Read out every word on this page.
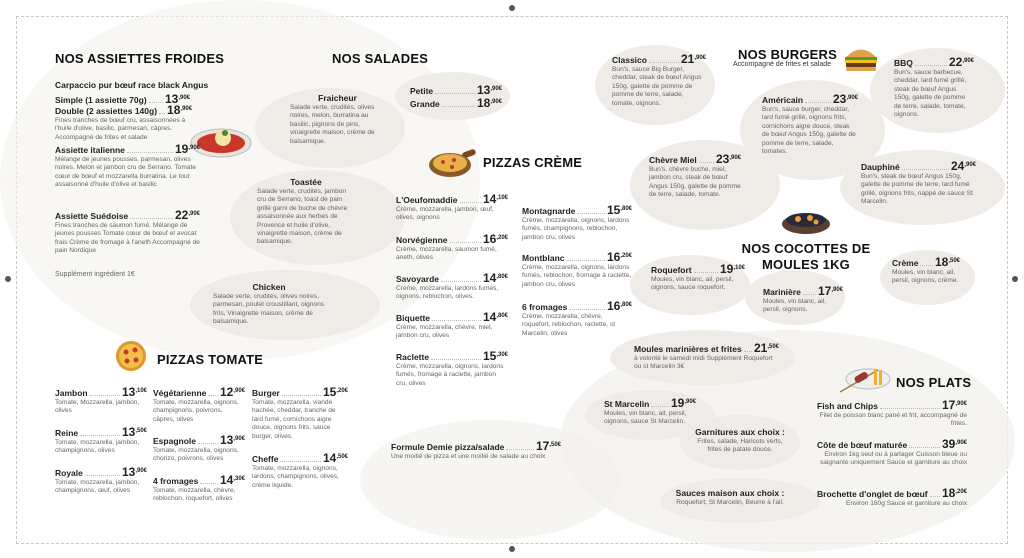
NOS ASSIETTES FROIDES
Carpaccio pur bœuf race black Angus
Supplément ingrédient 1€
NOS SALADES
PIZZAS TOMATE
PIZZAS CRÈME
NOS BURGERS
Accompagné de frites et salade
NOS COCOTTES DE
MOULES 1KG
NOS PLATS
Garnitures aux choix :
Frites, salade, Haricots verts, frites de patate douce.
Sauces maison aux choix :
Roquefort, St Marcelin, Beurre à l'ail.
Simple (1 assiette 70g) $13^{,90€}$
Double (2 assiettes 140g) $18^{,90€}$
Fines tranches de bœuf cru, assaisonnées à l'huile d'olive, basilic, parmesan, câpres. Accompagné de frites et salade
Assiette italienne	$19^{,90€}$
Mélange de jeunes pousses, parmesan, olives noires. Melon et jambon cru de Serrano. Tomate cœur de bœuf et mozzarella burratina. Le tout assaisonné d'huile d'olive et basilic
Assiette Suédoise	$22^{,90€}$
Fines tranches de saumon fumé. Mélange de jeunes pousses Tomate cœur de bœuf et avocat frais Crème de fromage à l'aneth Accompagné de pain Nordique
Petite	$13^{,90€}$
Grande	$18^{,90€}$
Jambon	$13^{,10€}$
Tomate, Mozzarella, jambon, olives
Reine	$13^{,50€}$
Tomate, mozzarella, jambon, champignons, olives
Royale	$13^{,90€}$
Tomate, mozzarella, jambon, champignons, œuf, olives
Végétarienne $12^{,90€}$
Tomate, mozzarella, oignons, champignons, poivrons, câpres, olives
Espagnole $13^{,90€}$
Tomate, mozzarella, oignons, chorizo, poivrons, olives
4 fromages $14^{,30€}$
Tomate, mozzarella, chèvre, reblochon, roquefort, olives
Burger	$15^{,20€}$
Tomate, mozzarella, viande hachée, cheddar, tranche de lard fumé, cornichons aigre douce, oignons frits, sauce burger, olives.
Cheffe	$14^{,50€}$
Tomate, mozzarella, oignons, lardons, champignons, olives, crème liquide.
L'Oeufomaddie $14^{,10€}$
Crème, mozzarella, jambon, œuf, olives, oignons
Norvégienne	$16^{,20€}$
Crème, mozzarella, saumon fumé, aneth, olives
Savoyarde	$14^{,80€}$
Crème, mozzarella, lardons fumés, oignons, reblochon, olives.
Biquette	$14^{,80€}$
Crème, mozzarella, chèvre, miel, jambon cru, olives
Raclette	$15^{,30€}$
Crème, mozzarella, oignons, lardons fumés, fromage à raclette, jambon cru, olives
Montagnarde	$15^{,80€}$
Crème, mozzarella, oignons, lardons fumés, champignons, reblochon, jambon cru, olives
Montblanc	$16^{,20€}$
Crème, mozzarella, oignons, lardons fumés, reblochon, fromage à raclette, jambon cru, olives
6 fromages	$16^{,80€}$
Crème, mozzarella, chèvre, roquefort, reblochon, raclette, st Marcelin, olives
Formule Demie pizza/salade	$17^{,50€}$
Une moitié de pizza et une moitié de salade au choix
Classico	$21^{,90€}$
Bun's, sauce Big Burger, cheddar, steak de bœuf Angus 150g, galette de pomme de pomme de terre, salade, tomate, oignons.
Chèvre Miel $23^{,90€}$
Bun's, chèvre buche, miel, jambon cru, steak de bœuf Angus 150g, galette de pomme de terre, salade, tomate.
Américain $23^{,90€}$
Bun's, sauce burger, cheddar, lard fumé grillé, oignons frits, cornichons aigre douce, steak de bœuf Angus 150g, galette de pomme de terre, salade, tomates.
BBQ	$22^{,90€}$
Bun's, sauce barbecue, cheddar, lard fumé grillé, steak de bœuf Angus 150g, galette de pomme de terre, salade, tomate, oignons.
Dauphiné	$24^{,90€}$
Bun's, steak de bœuf Angus 150g, galette de pomme de terre, lard fumé grillé, oignons frits, nappé de sauce St Marcelin.
Roquefort $19^{,10€}$
Moules, vin blanc, ail, persil, oignons, sauce roquefort.	Marinière $17^{,90€}$
Moules, vin blanc, ail, persil, oignons.
Crème $18^{,50€}$
Moules, vin blanc, ail, persil, oignons, crème.
Moules marinières et frites $21^{,50€}$
à volonté le samedi midi Supplément Roquefort ou st Marcelin 3€
St Marcelin $19^{,90€}$
Moules, vin blanc, ail, persil, oignons, sauce St Marcelin.
Fish and Chips	$17^{,90€}$
Filet de poisson blanc pané et frit, accompagné de frites.
Côte de bœuf maturée	$39^{,90€}$
Environ 1kg seul ou à partager Cuisson bleue ou saignante uniquement Sauce et garniture au choix
Brochette d'onglet de bœuf $18^{,20€}$
Environ 180g Sauce et garniture au choix
Fraicheur
Salade verte, crudités, olives noires, melon, burratina au basilic, pignons de pins, vinaigrette maison, crème de balsamique.
Toastée
Salade verte, crudités, jambon cru de Serrano, toast de pain grillé garni de buche de chèvre assaisonnée aux herbes de Provence et huile d'olive, vinaigrette maison, crème de balsamique.
Chicken
Salade verte, crudités, olives noires, parmesan, poulet croustillant, oignons frits, Vinaigrette maison, crème de balsamique.
